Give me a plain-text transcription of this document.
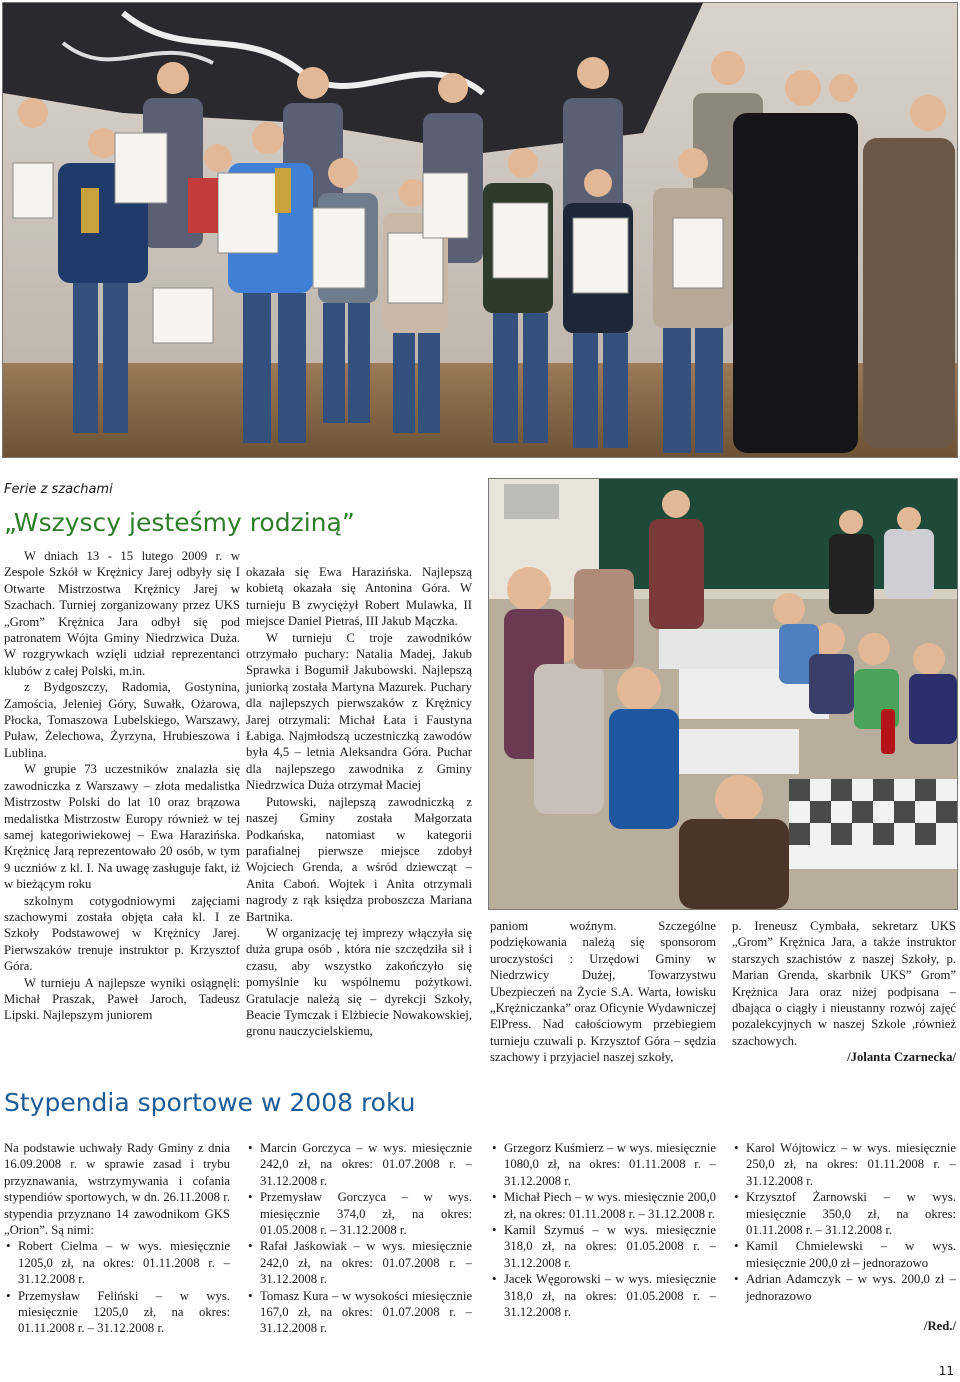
Ferie z szachami
„Wszyscy jesteśmy rodziną”

W dniach 13 - 15 lutego 2009 r. w Zespole Szkół w Krężnicy Jarej odbyły się I Otwarte Mistrzostwa Krężnicy Jarej w Szachach. Turniej zorganizowany przez UKS „Grom” Krężnica Jara odbył się pod patronatem Wójta Gminy Niedrzwica Duża. W rozgrywkach wzięli udział reprezentanci klubów z całej Polski, m.in.

z Bydgoszczy, Radomia, Gostynina, Zamościa, Jeleniej Góry, Suwałk, Ożarowa, Płocka, Tomaszowa Lubelskiego, Warszawy, Puław, Żelechowa, Żyrzyna, Hrubieszowa i Lublina.

W grupie 73 uczestników znalazła się zawodniczka z Warszawy – złota medalistka Mistrzostw Polski do lat 10 oraz brązowa medalistka Mistrzostw Europy również w tej samej kategoriwiekowej – Ewa Harazińska. Krężnicę Jarą reprezentowało 20 osób, w tym 9 uczniów z kl. I. Na uwagę zasługuje fakt, iż w bieżącym roku

szkolnym cotygodniowymi zajęciami szachowymi została objęta cała kl. I ze Szkoły Podstawowej w Krężnicy Jarej. Pierwszaków trenuje instruktor p. Krzysztof Góra.

W turnieju A najlepsze wyniki osiągnęli: Michał Praszak, Paweł Jaroch, Tadeusz Lipski. Najlepszym juniorem

okazała się Ewa Harazińska. Najlepszą kobietą okazała się Antonina Góra. W turnieju B zwyciężył Robert Mulawka, II miejsce Daniel Pietraś, III Jakub Mączka.

W turnieju C troje zawodników otrzymało puchary: Natalia Madej, Jakub Sprawka i Bogumił Jakubowski. Najlepszą juniorką została Martyna Mazurek. Puchary dla najlepszych pierwszaków z Krężnicy Jarej otrzymali: Michał Łata i Faustyna Łabiga. Najmłodszą uczestniczką zawodów była 4,5 – letnia Aleksandra Góra. Puchar dla najlepszego zawodnika z Gminy Niedrzwica Duża otrzymał Maciej

Putowski, najlepszą zawodniczką z naszej Gminy została Małgorzata Podkańska, natomiast w kategorii parafialnej pierwsze miejsce zdobył Wojciech Grenda, a wśród dziewcząt – Anita Caboń. Wojtek i Anita otrzymali nagrody z rąk księdza proboszcza Mariana Bartnika.

W organizację tej imprezy włączyła się duża grupa osób , która nie szczędziła sił i czasu, aby wszystko zakończyło się pomyślnie ku wspólnemu pożytkowi. Gratulacje należą się – dyrekcji Szkoły, Beacie Tymczak i Elżbiecie Nowakowskiej, gronu nauczycielskiemu,

paniom woźnym. Szczególne podziękowania należą się sponsorom uroczystości : Urzędowi Gminy w Niedrzwicy Dużej, Towarzystwu Ubezpieczeń na Życie S.A. Warta, łowisku „Krężniczanka” oraz Oficynie Wydawniczej ElPress. Nad całościowym przebiegiem turnieju czuwali p. Krzysztof Góra – sędzia szachowy i przyjaciel naszej szkoły,

p. Ireneusz Cymbała, sekretarz UKS „Grom” Krężnica Jara, a także instruktor starszych szachistów z naszej Szkoły, p. Marian Grenda, skarbnik UKS” Grom” Krężnica Jara oraz niżej podpisana –dbająca o ciągły i nieustanny rozwój zajęć pozalekcyjnych w naszej Szkole ,również szachowych.

/Jolanta Czarnecka/
Stypendia sportowe w 2008 roku

Na podstawie uchwały Rady Gminy z dnia 16.09.2008 r. w sprawie zasad i trybu przyznawania, wstrzymywania i cofania stypendiów sportowych, w dn. 26.11.2008 r. stypendia przyznano 14 zawodnikom GKS „Orion”. Są nimi:

• Robert Cielma – w wys. miesięcznie 1205,0 zł, na okres: 01.11.2008 r. – 31.12.2008 r.
• Przemysław Feliński – w wys. miesięcznie 1205,0 zł, na okres: 01.11.2008 r. – 31.12.2008 r.
• Marcin Gorczyca – w wys. miesięcznie 242,0 zł, na okres: 01.07.2008 r. – 31.12.2008 r.
• Przemysław Gorczyca – w wys. miesięcznie 374,0 zł, na okres: 01.05.2008 r. – 31.12.2008 r.
• Rafał Jaśkowiak – w wys. miesięcznie 242,0 zł, na okres: 01.07.2008 r. – 31.12.2008 r.
• Tomasz Kura – w wysokości miesięcznie 167,0 zł, na okres: 01.07.2008 r. – 31.12.2008 r.
• Grzegorz Kuśmierz – w wys. miesięcznie 1080,0 zł, na okres: 01.11.2008 r. – 31.12.2008 r.
• Michał Piech – w wys. miesięcznie 200,0 zł, na okres: 01.11.2008 r. – 31.12.2008 r.
• Kamil Szymuś – w wys. miesięcznie 318,0 zł, na okres: 01.05.2008 r. – 31.12.2008 r.
• Jacek Węgorowski – w wys. miesięcznie 318,0 zł, na okres: 01.05.2008 r. – 31.12.2008 r.
• Karol Wójtowicz – w wys. miesięcznie 250,0 zł, na okres: 01.11.2008 r. – 31.12.2008 r.
• Krzysztof Żarnowski – w wys. miesięcznie 350,0 zł, na okres: 01.11.2008 r. – 31.12.2008 r.
• Kamil Chmielewski – w wys. miesięcznie 200,0 zł – jednorazowo
• Adrian Adamczyk – w wys. 200,0 zł – jednorazowo
/Red./
11
